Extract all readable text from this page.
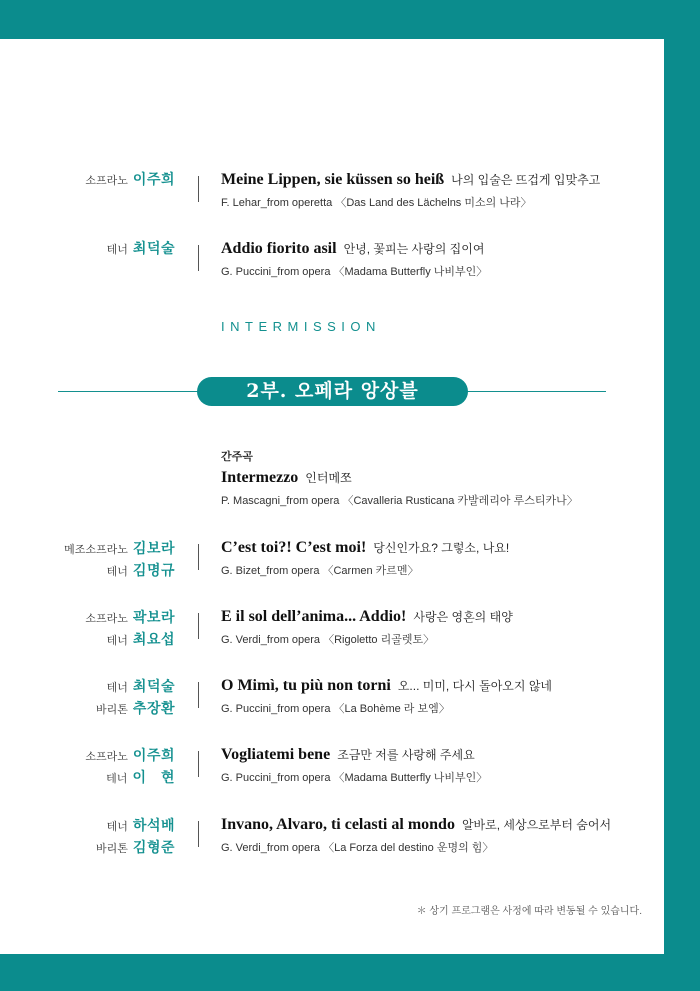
소프라노 이주희	Meine Lippen, sie küssen so heiß 나의 입술은 뜨겁게 입맞추고
F. Lehar_from operetta 〈Das Land des Lächelns 미소의 나라〉
테너 최덕술	Addio fiorito asil 안녕, 꽃피는 사랑의 집이여
G. Puccini_from opera 〈Madama Butterfly 나비부인〉
INTERMISSION
2부. 오페라 앙상블
간주곡
Intermezzo 인터메쪼
P. Mascagni_from opera 〈Cavalleria Rusticana 카발레리아 루스티카나〉
메조소프라노 김보라
테너 김명규
C’est toi?! C’est moi! 당신인가요? 그렇소, 나요!
G. Bizet_from opera 〈Carmen 카르멘〉
소프라노 곽보라
테너 최요섭
E il sol dell’anima... Addio! 사랑은 영혼의 태양
G. Verdi_from opera 〈Rigoletto 리골렛토〉
테너 최덕술
바리톤 추장환
O Mimì, tu più non torni 오... 미미, 다시 돌아오지 않네
G. Puccini_from opera 〈La Bohème 라 보엠〉
소프라노 이주희
테너 이　현
Vogliatemi bene 조금만 저를 사랑해 주세요
G. Puccini_from opera 〈Madama Butterfly 나비부인〉
테너 하석배
바리톤 김형준
Invano, Alvaro, ti celasti al mondo 알바로, 세상으로부터 숨어서
G. Verdi_from opera 〈La Forza del destino 운명의 힘〉
＊ 상기 프로그램은 사정에 따라 변동될 수 있습니다.
